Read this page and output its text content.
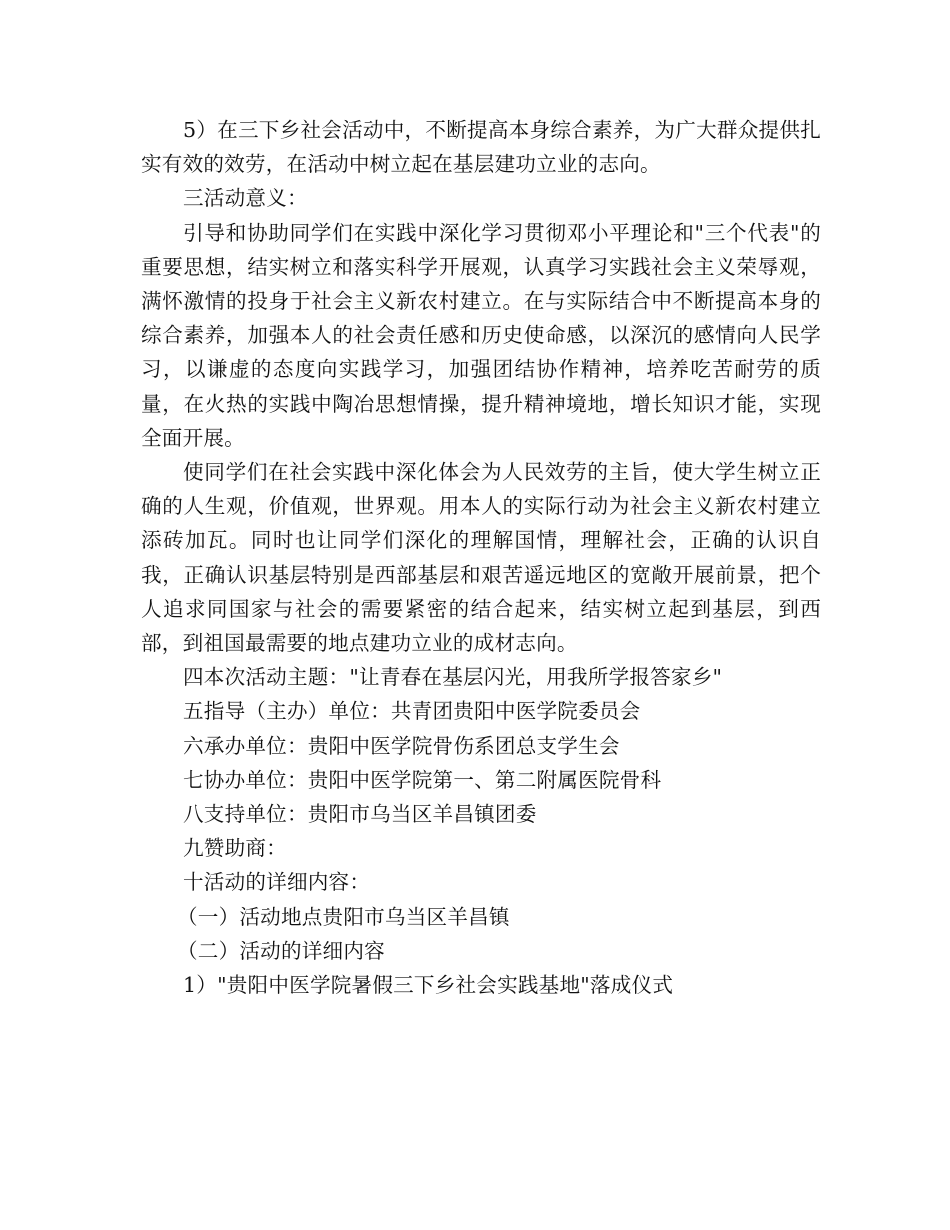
5）在三下乡社会活动中，不断提高本身综合素养，为广大群众提供扎实有效的效劳，在活动中树立起在基层建功立业的志向。

三活动意义：

引导和协助同学们在实践中深化学习贯彻邓小平理论和"三个代表"的重要思想，结实树立和落实科学开展观，认真学习实践社会主义荣辱观，满怀激情的投身于社会主义新农村建立。在与实际结合中不断提高本身的综合素养，加强本人的社会责任感和历史使命感，以深沉的感情向人民学习，以谦虚的态度向实践学习，加强团结协作精神，培养吃苦耐劳的质量，在火热的实践中陶冶思想情操，提升精神境地，增长知识才能，实现全面开展。

使同学们在社会实践中深化体会为人民效劳的主旨，使大学生树立正确的人生观，价值观，世界观。用本人的实际行动为社会主义新农村建立添砖加瓦。同时也让同学们深化的理解国情，理解社会，正确的认识自我，正确认识基层特别是西部基层和艰苦遥远地区的宽敞开展前景，把个人追求同国家与社会的需要紧密的结合起来，结实树立起到基层，到西部，到祖国最需要的地点建功立业的成材志向。

四本次活动主题："让青春在基层闪光，用我所学报答家乡"

五指导（主办）单位：共青团贵阳中医学院委员会

六承办单位：贵阳中医学院骨伤系团总支学生会

七协办单位：贵阳中医学院第一、第二附属医院骨科

八支持单位：贵阳市乌当区羊昌镇团委

九赞助商：

十活动的详细内容：

（一）活动地点贵阳市乌当区羊昌镇

（二）活动的详细内容

1）"贵阳中医学院暑假三下乡社会实践基地"落成仪式
